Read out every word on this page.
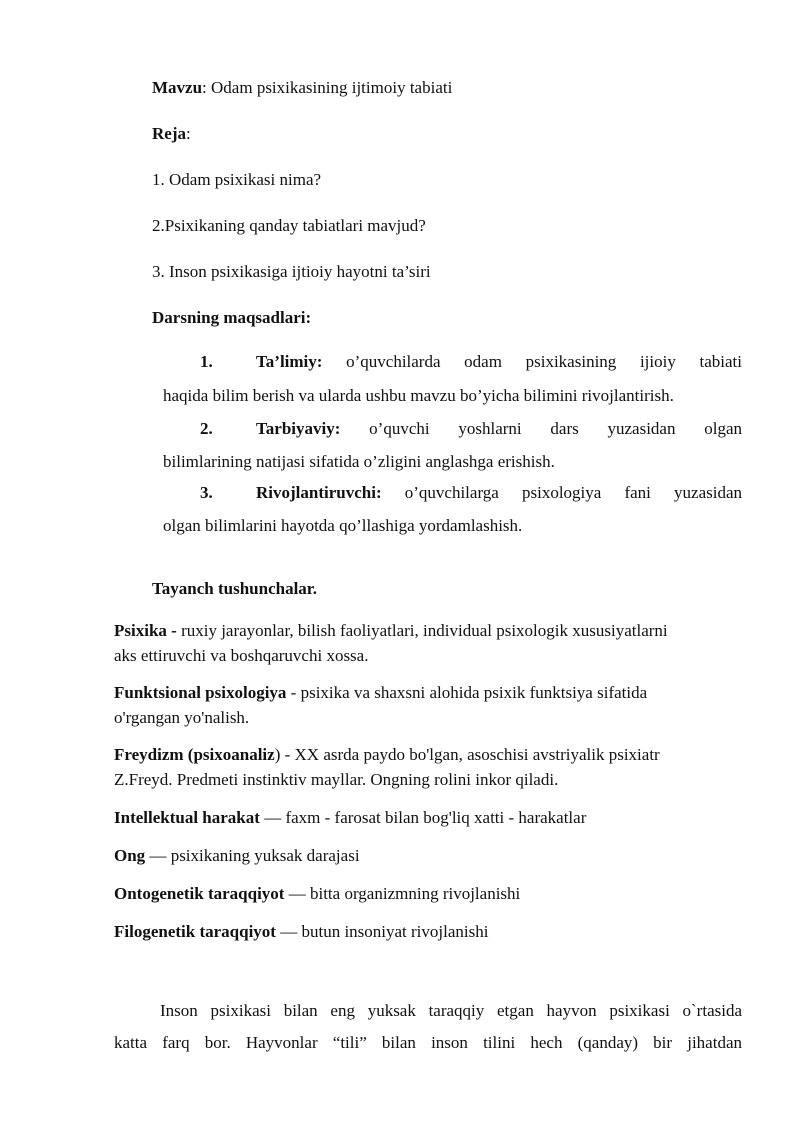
Mavzu: Odam psixikasining ijtimoiy tabiati
Reja:
1. Odam psixikasi nima?
2.Psixikaning qanday tabiatlari mavjud?
3. Inson psixikasiga ijtioiy hayotni ta’siri
Darsning maqsadlari:
1.	Ta’limiy: o’quvchilarda odam psixikasining ijioiy tabiati
haqida bilim berish va ularda ushbu mavzu bo’yicha bilimini rivojlantirish.
2.	Tarbiyaviy: o’quvchi yoshlarni dars yuzasidan olgan
bilimlarining natijasi sifatida o’zligini anglashga erishish.
3.	Rivojlantiruvchi: o’quvchilarga psixologiya fani yuzasidan
olgan bilimlarini hayotda qo’llashiga yordamlashish.
Tayanch tushunchalar.
Psixika - ruxiy jarayonlar, bilish faoliyatlari, individual psixologik xususiyatlarni
aks ettiruvchi va boshqaruvchi xossa.
Funktsional psixologiya - psixika va shaxsni alohida psixik funktsiya sifatida
o'rgangan yo'nalish.
Freydizm (psixoanaliz) - XX asrda paydo bo'lgan, asoschisi avstriyalik psixiatr
Z.Freyd. Predmeti instinktiv mayllar. Ongning rolini inkor qiladi.
Intellektual harakat — faxm - farosat bilan bog'liq xatti - harakatlar
Ong — psixikaning yuksak darajasi
Ontogenetik taraqqiyot — bitta organizmning rivojlanishi
Filogenetik taraqqiyot — butun insoniyat rivojlanishi
Inson psixikasi bilan eng yuksak taraqqiy etgan hayvon psixikasi o`rtasida
katta farq bor. Hayvonlar “tili” bilan inson tilini hech (qanday) bir jihatdan
